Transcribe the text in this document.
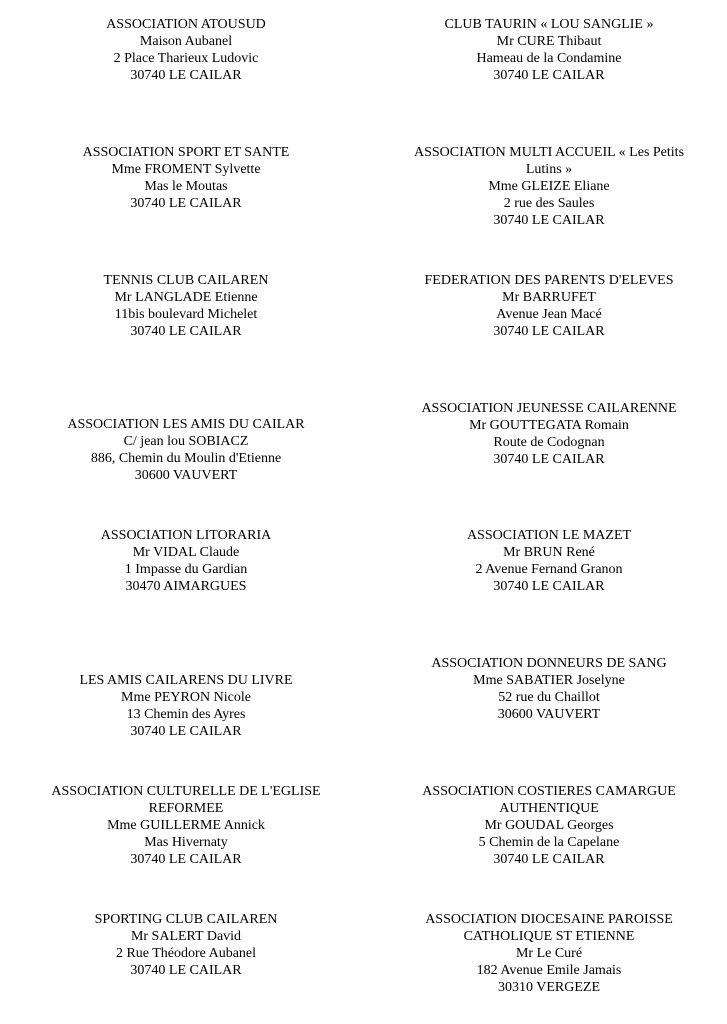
ASSOCIATION ATOUSUD
Maison Aubanel
2 Place Tharieux Ludovic
30740 LE CAILAR
CLUB TAURIN « LOU SANGLIE »
Mr CURE Thibaut
Hameau de la Condamine
30740 LE CAILAR
ASSOCIATION SPORT ET SANTE
Mme FROMENT Sylvette
Mas le Moutas
30740 LE CAILAR
ASSOCIATION MULTI ACCUEIL « Les Petits
Lutins »
Mme GLEIZE Eliane
2 rue des Saules
30740 LE CAILAR
TENNIS CLUB CAILAREN
Mr LANGLADE Etienne
11bis boulevard Michelet
30740 LE CAILAR
FEDERATION DES PARENTS D'ELEVES
Mr BARRUFET
Avenue Jean Macé
30740 LE CAILAR
ASSOCIATION LES AMIS DU CAILAR
C/ jean lou SOBIACZ
886, Chemin du Moulin d'Etienne
30600 VAUVERT
ASSOCIATION JEUNESSE CAILARENNE
Mr GOUTTEGATA Romain
Route de Codognan
30740 LE CAILAR
ASSOCIATION LITORARIA
Mr VIDAL Claude
1 Impasse du Gardian
30470 AIMARGUES
ASSOCIATION LE MAZET
Mr BRUN René
2 Avenue Fernand Granon
30740 LE CAILAR
LES AMIS CAILARENS DU LIVRE
Mme PEYRON Nicole
13 Chemin des Ayres
30740 LE CAILAR
ASSOCIATION DONNEURS DE SANG
Mme SABATIER Joselyne
52 rue du Chaillot
30600 VAUVERT
ASSOCIATION CULTURELLE DE L'EGLISE
REFORMEE
Mme GUILLERME Annick
Mas Hivernaty
30740 LE CAILAR
ASSOCIATION COSTIERES CAMARGUE
AUTHENTIQUE
Mr GOUDAL Georges
5 Chemin de la Capelane
30740 LE CAILAR
SPORTING CLUB CAILAREN
Mr SALERT David
2 Rue Théodore Aubanel
30740 LE CAILAR
ASSOCIATION DIOCESAINE PAROISSE
CATHOLIQUE ST ETIENNE
Mr Le Curé
182 Avenue Emile Jamais
30310 VERGEZE
